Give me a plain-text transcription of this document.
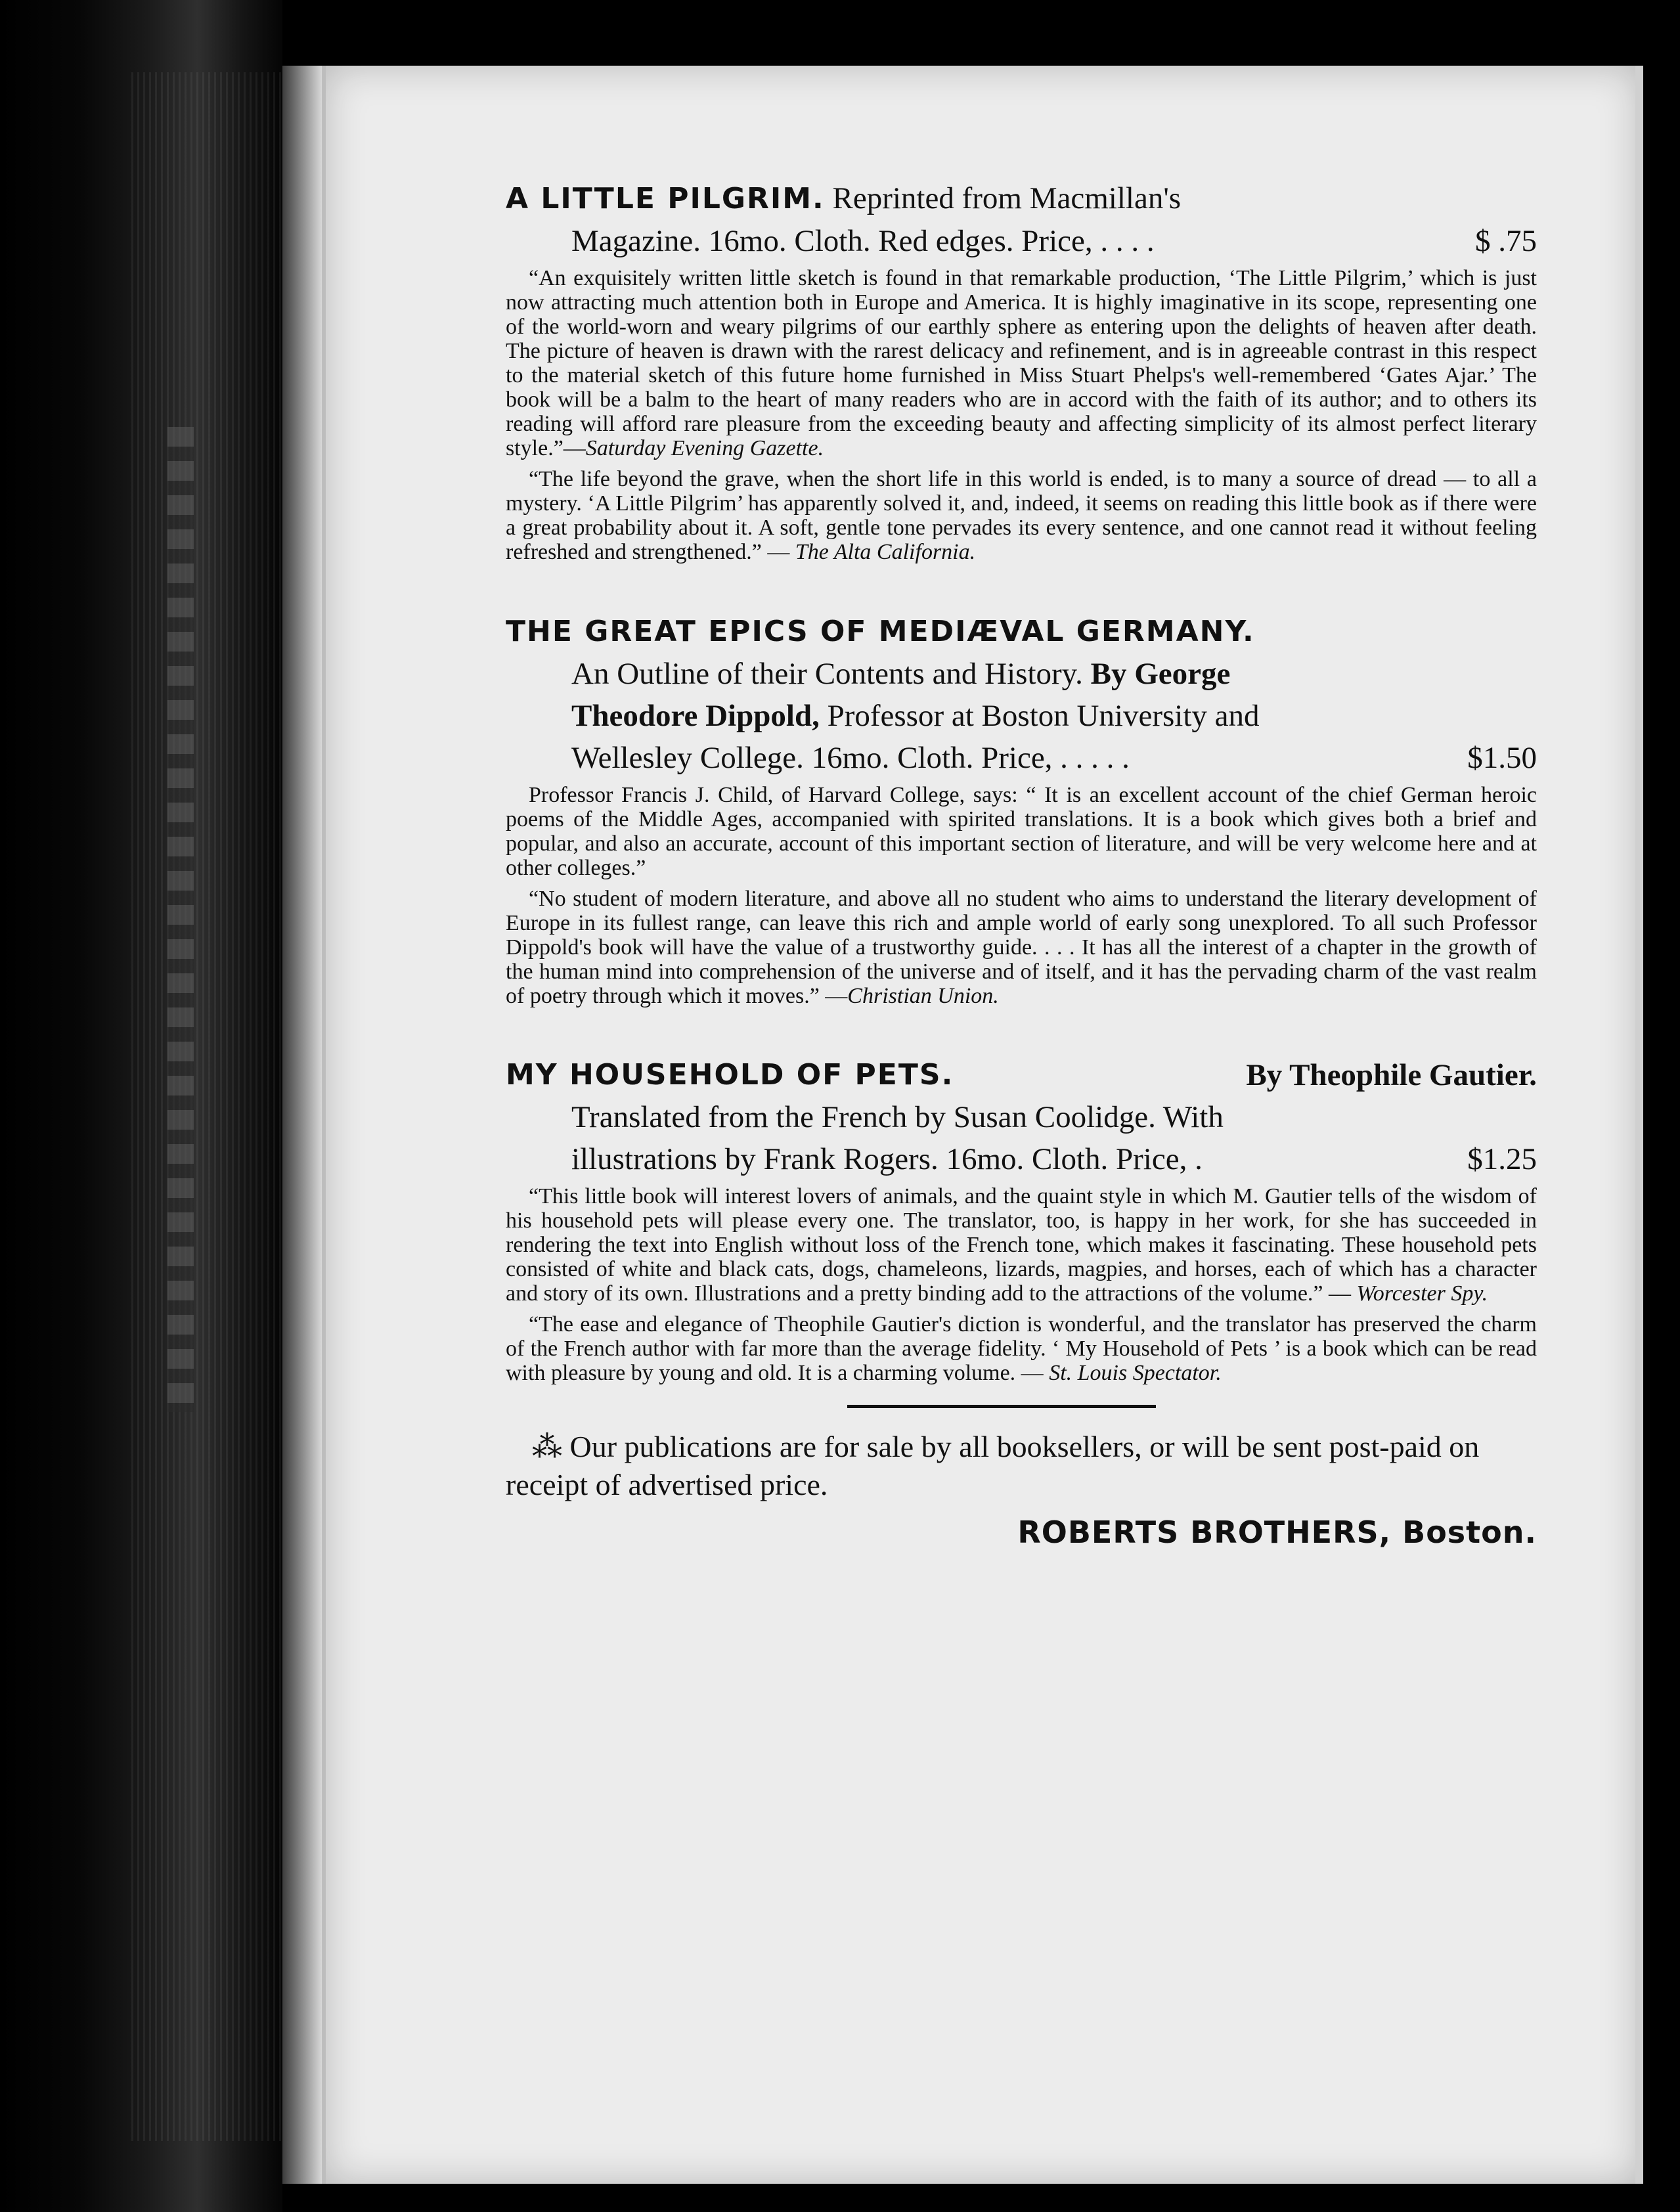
A LITTLE PILGRIM. Reprinted from Macmillan's

Magazine. 16mo. Cloth. Red edges. Price, . . . .	$ .75

“An exquisitely written little sketch is found in that remarkable production, ‘The Little Pilgrim,’ which is just now attracting much attention both in Europe and America. It is highly imaginative in its scope, representing one of the world-worn and weary pilgrims of our earthly sphere as entering upon the delights of heaven after death. The picture of heaven is drawn with the rarest delicacy and refinement, and is in agreeable contrast in this respect to the material sketch of this future home furnished in Miss Stuart Phelps's well-remembered ‘Gates Ajar.’ The book will be a balm to the heart of many readers who are in accord with the faith of its author; and to others its reading will afford rare pleasure from the exceeding beauty and affecting simplicity of its almost perfect literary style.”—Saturday Evening Gazette.

“The life beyond the grave, when the short life in this world is ended, is to many a source of dread — to all a mystery. ‘A Little Pilgrim’ has apparently solved it, and, indeed, it seems on reading this little book as if there were a great probability about it. A soft, gentle tone pervades its every sentence, and one cannot read it without feeling refreshed and strengthened.” — The Alta California.

THE GREAT EPICS OF MEDIÆVAL GERMANY.

An Outline of their Contents and History. By George

Theodore Dippold, Professor at Boston University and

Wellesley College. 16mo. Cloth. Price, . . . . .	$1.50

Professor Francis J. Child, of Harvard College, says: “ It is an excellent account of the chief German heroic poems of the Middle Ages, accompanied with spirited translations. It is a book which gives both a brief and popular, and also an accurate, account of this important section of literature, and will be very welcome here and at other colleges.”

“No student of modern literature, and above all no student who aims to understand the literary development of Europe in its fullest range, can leave this rich and ample world of early song unexplored. To all such Professor Dippold's book will have the value of a trustworthy guide. . . . It has all the interest of a chapter in the growth of the human mind into comprehension of the universe and of itself, and it has the pervading charm of the vast realm of poetry through which it moves.” —Christian Union.

MY HOUSEHOLD OF PETS.	By Theophile Gautier.

Translated from the French by Susan Coolidge. With

illustrations by Frank Rogers. 16mo. Cloth. Price, .	$1.25

“This little book will interest lovers of animals, and the quaint style in which M. Gautier tells of the wisdom of his household pets will please every one. The translator, too, is happy in her work, for she has succeeded in rendering the text into English without loss of the French tone, which makes it fascinating. These household pets consisted of white and black cats, dogs, chameleons, lizards, magpies, and horses, each of which has a character and story of its own. Illustrations and a pretty binding add to the attractions of the volume.” — Worcester Spy.

“The ease and elegance of Theophile Gautier's diction is wonderful, and the translator has preserved the charm of the French author with far more than the average fidelity. ‘ My Household of Pets ’ is a book which can be read with pleasure by young and old. It is a charming volume. — St. Louis Spectator.

⁂ Our publications are for sale by all booksellers, or will be sent post-paid on receipt of advertised price.

ROBERTS BROTHERS, Boston.
